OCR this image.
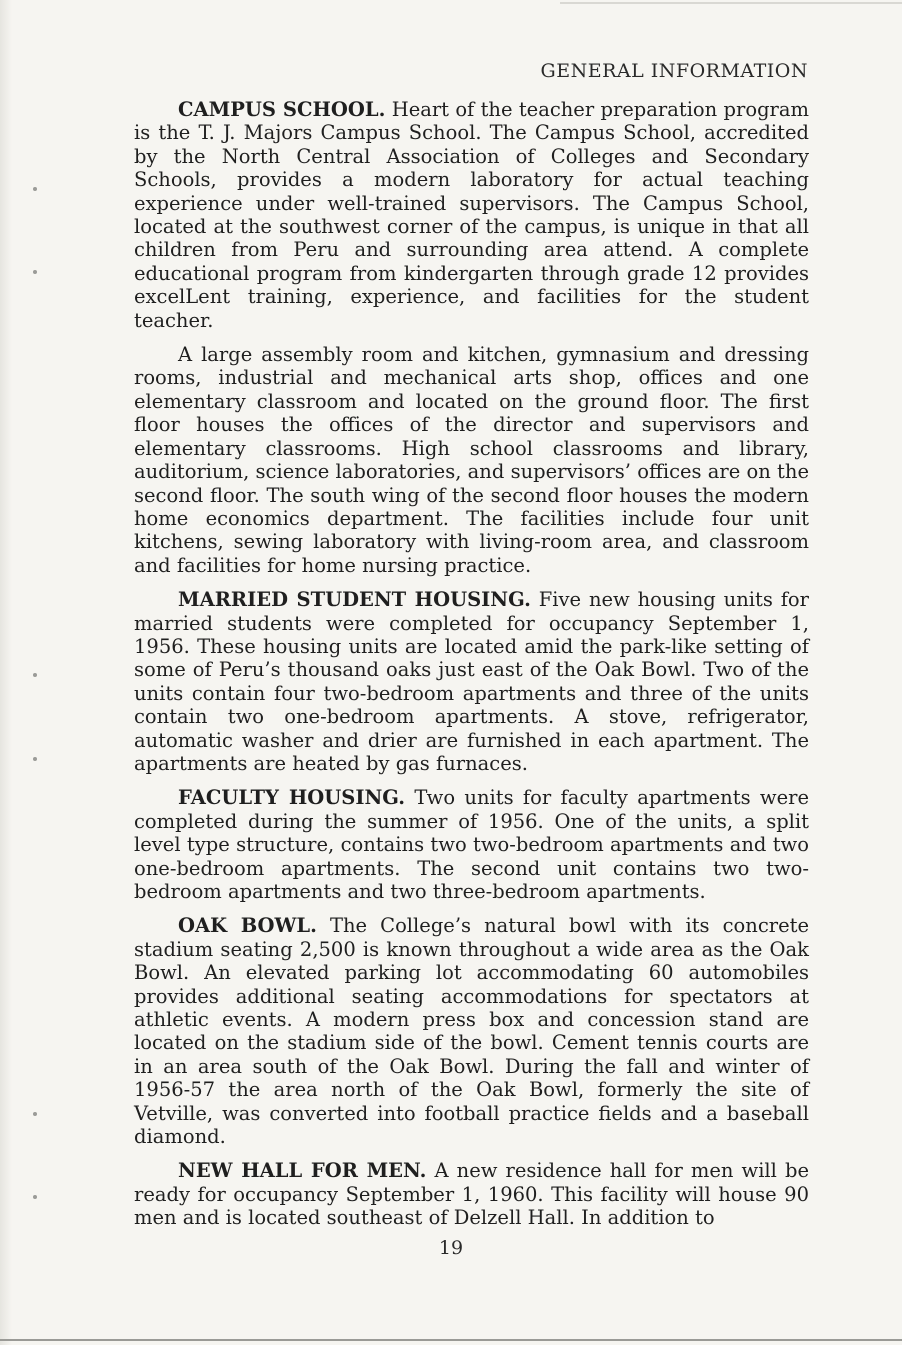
GENERAL INFORMATION

CAMPUS SCHOOL. Heart of the teacher preparation program is the T. J. Majors Campus School. The Campus School, accredited by the North Central Association of Colleges and Secondary Schools, provides a modern laboratory for actual teaching experience under well-trained supervisors. The Campus School, located at the southwest corner of the campus, is unique in that all children from Peru and surrounding area attend. A complete educational program from kindergarten through grade 12 provides excelLent training, experience, and facilities for the student teacher.

A large assembly room and kitchen, gymnasium and dressing rooms, industrial and mechanical arts shop, offices and one elementary classroom and located on the ground floor. The first floor houses the offices of the director and supervisors and elementary classrooms. High school classrooms and library, auditorium, science laboratories, and supervisors’ offices are on the second floor. The south wing of the second floor houses the modern home economics department. The facilities include four unit kitchens, sewing laboratory with living-room area, and classroom and facilities for home nursing practice.

MARRIED STUDENT HOUSING. Five new housing units for married students were completed for occupancy September 1, 1956. These housing units are located amid the park-like setting of some of Peru’s thousand oaks just east of the Oak Bowl. Two of the units contain four two-bedroom apartments and three of the units contain two one-bedroom apartments. A stove, refrigerator, automatic washer and drier are furnished in each apartment. The apartments are heated by gas furnaces.

FACULTY HOUSING. Two units for faculty apartments were completed during the summer of 1956. One of the units, a split level type structure, contains two two-bedroom apartments and two one-bedroom apartments. The second unit contains two two-bedroom apartments and two three-bedroom apartments.

OAK BOWL. The College’s natural bowl with its concrete stadium seating 2,500 is known throughout a wide area as the Oak Bowl. An elevated parking lot accommodating 60 automobiles provides additional seating accommodations for spectators at athletic events. A modern press box and concession stand are located on the stadium side of the bowl. Cement tennis courts are in an area south of the Oak Bowl. During the fall and winter of 1956-57 the area north of the Oak Bowl, formerly the site of Vetville, was converted into football practice fields and a baseball diamond.

NEW HALL FOR MEN. A new residence hall for men will be ready for occupancy September 1, 1960. This facility will house 90 men and is located southeast of Delzell Hall. In addition to

19
